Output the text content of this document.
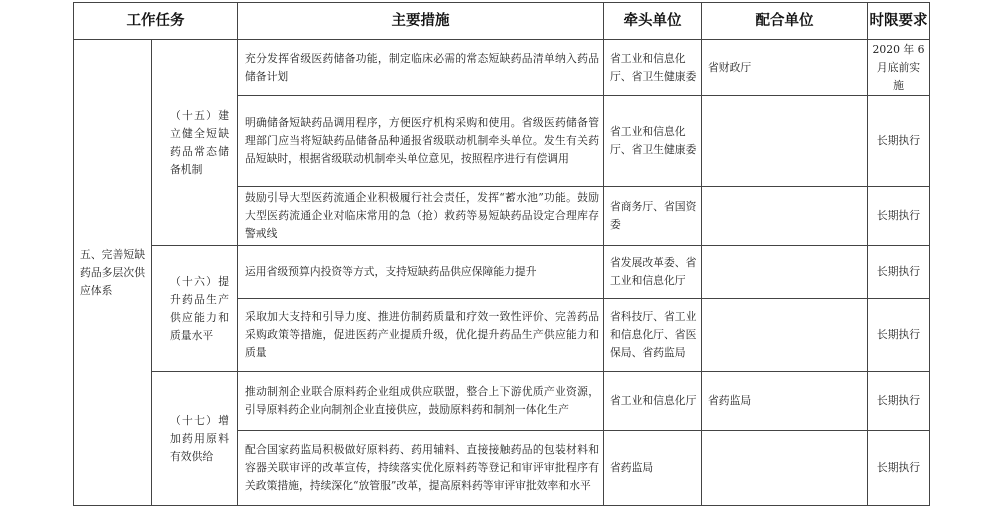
工作任务		主要措施	牵头单位	配合单位	时限要求
五、完善短缺药品多层次供应体系	（十五）建立健全短缺药品常态储备机制	充分发挥省级医药储备功能，制定临床必需的常态短缺药品清单纳入药品储备计划	省工业和信息化厅、省卫生健康委	省财政厅	2020 年 6 月底前实施
		明确储备短缺药品调用程序，方便医疗机构采购和使用。省级医药储备管理部门应当将短缺药品储备品种通报省级联动机制牵头单位。发生有关药品短缺时，根据省级联动机制牵头单位意见，按照程序进行有偿调用	省工业和信息化厅、省卫生健康委		长期执行
		鼓励引导大型医药流通企业积极履行社会责任，发挥“蓄水池”功能。鼓励大型医药流通企业对临床常用的急（抢）救药等易短缺药品设定合理库存警戒线	省商务厅、省国资委		长期执行
	（十六）提升药品生产供应能力和质量水平	运用省级预算内投资等方式，支持短缺药品供应保障能力提升	省发展改革委、省工业和信息化厅		长期执行
		采取加大支持和引导力度、推进仿制药质量和疗效一致性评价、完善药品采购政策等措施，促进医药产业提质升级，优化提升药品生产供应能力和质量	省科技厅、省工业和信息化厅、省医保局、省药监局		长期执行
	（十七）增加药用原料有效供给	推动制剂企业联合原料药企业组成供应联盟，整合上下游优质产业资源，引导原料药企业向制剂企业直接供应，鼓励原料药和制剂一体化生产	省工业和信息化厅	省药监局	长期执行
		配合国家药监局积极做好原料药、药用辅料、直接接触药品的包装材料和容器关联审评的改革宣传，持续落实优化原料药等登记和审评审批程序有关政策措施，持续深化“放管服”改革，提高原料药等审评审批效率和水平	省药监局		长期执行
